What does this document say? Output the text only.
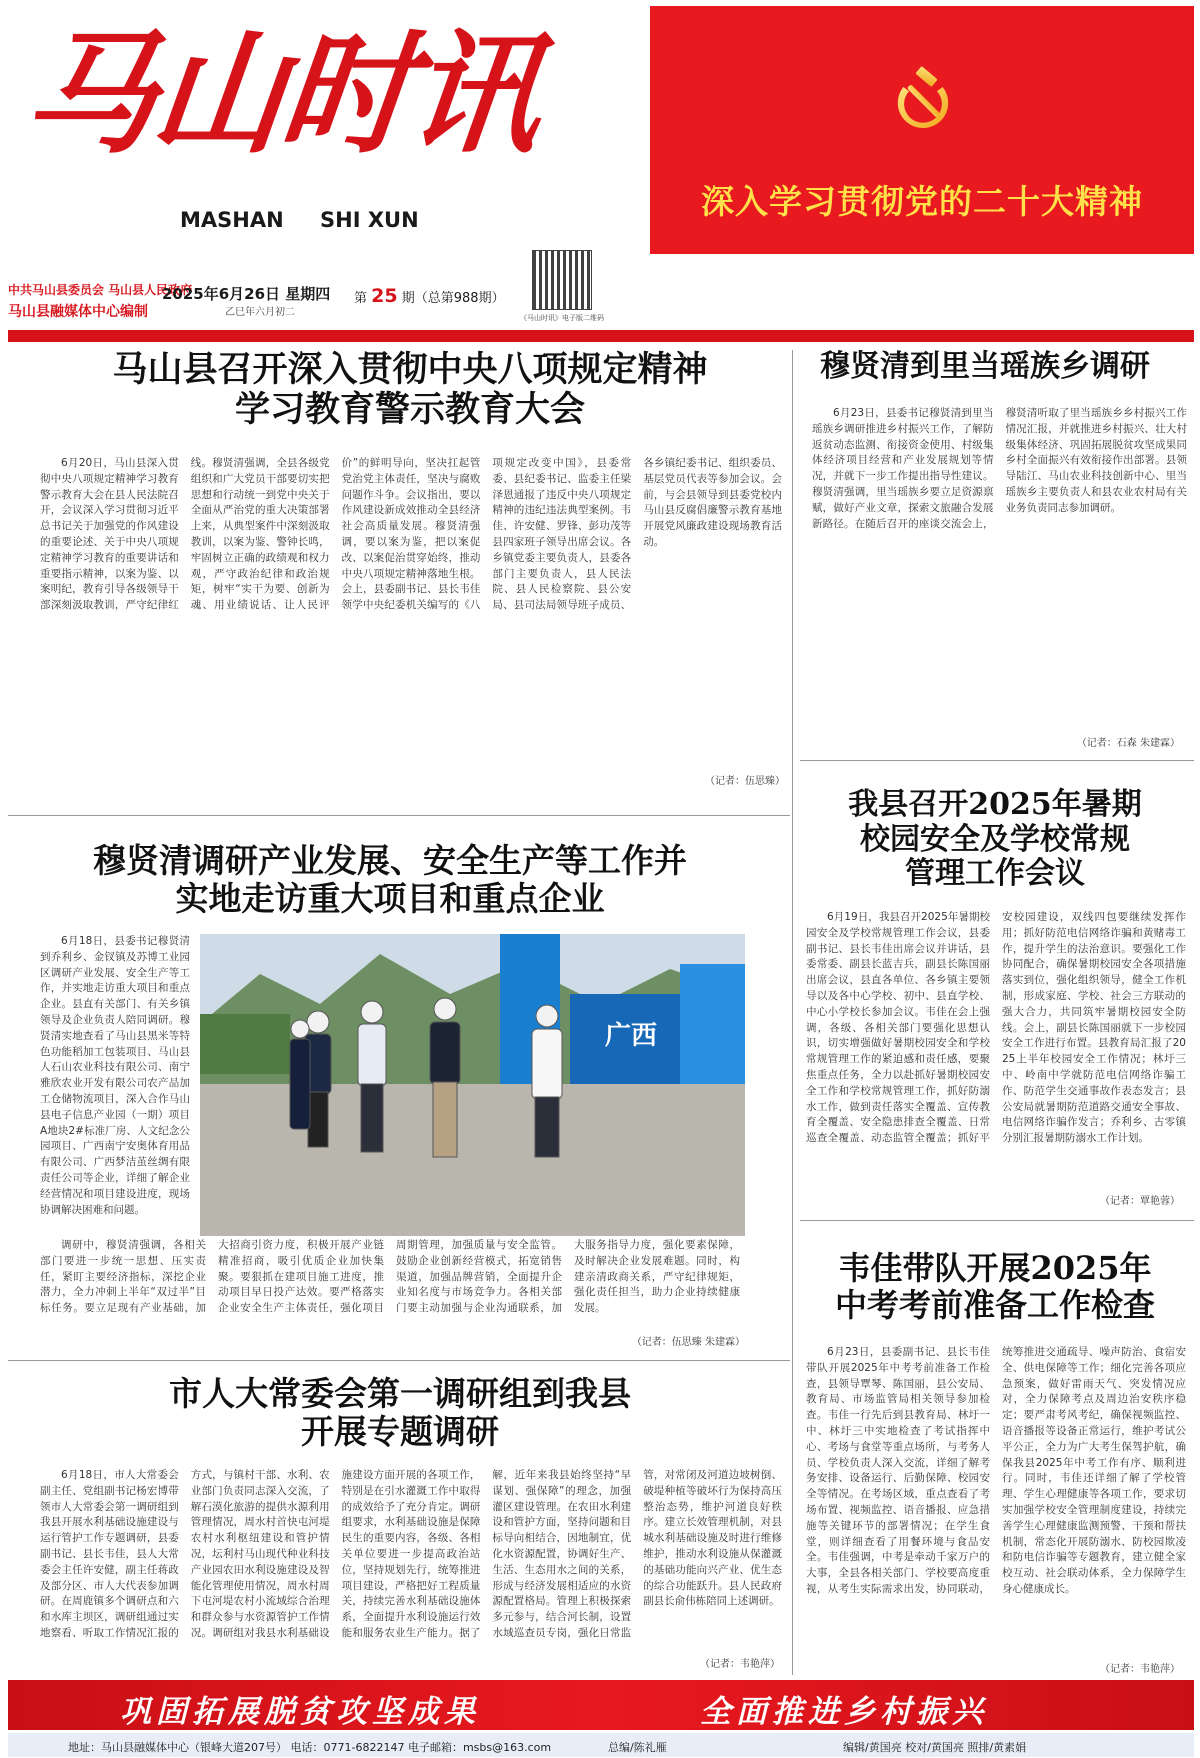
马山时讯
MASHAN SHI XUN	深入学习贯彻党的二十大精神
中共马山县委员会 马山县人民政府
马山县融媒体中心编制
2025年6月26日 星期四
乙巳年六月初二
第 25 期（总第988期）
《马山时讯》电子版二维码
马山县召开深入贯彻中央八项规定精神
学习教育警示教育大会
6月20日，马山县深入贯彻中央八项规定精神学习教育警示教育大会在县人民法院召开，会议深入学习贯彻习近平总书记关于加强党的作风建设的重要论述、关于中央八项规定精神学习教育的重要讲话和重要指示精神，以案为鉴、以案明纪，教育引导各级领导干部深刻汲取教训，严守纪律红线。穆贤清强调，全县各级党组织和广大党员干部要切实把思想和行动统一到党中央关于全面从严治党的重大决策部署上来，从典型案件中深刻汲取教训，以案为鉴、警钟长鸣，牢固树立正确的政绩观和权力观，严守政治纪律和政治规矩，树牢“实干为要、创新为魂、用业绩说话、让人民评价”的鲜明导向，坚决扛起管党治党主体责任，坚决与腐败问题作斗争。会议指出，要以作风建设新成效推动全县经济社会高质量发展。穆贤清强调，要以案为鉴，把以案促改、以案促治贯穿始终，推动中央八项规定精神落地生根。会上，县委副书记、县长韦佳领学中央纪委机关编写的《八项规定改变中国》，县委常委、县纪委书记、监委主任梁泽恩通报了违反中央八项规定精神的违纪违法典型案例。韦佳、许安健、罗锋、彭功茂等县四家班子领导出席会议。各乡镇党委主要负责人，县委各部门主要负责人，县人民法院、县人民检察院、县公安局、县司法局领导班子成员、各乡镇纪委书记、组织委员、基层党员代表等参加会议。会前，与会县领导到县委党校内马山县反腐倡廉警示教育基地开展党风廉政建设现场教育活动。
（记者：伍思臻）
穆贤清到里当瑶族乡调研
6月23日，县委书记穆贤清到里当瑶族乡调研推进乡村振兴工作，了解防返贫动态监测、衔接资金使用、村级集体经济项目经营和产业发展规划等情况，并就下一步工作提出指导性建议。穆贤清强调，里当瑶族乡要立足资源禀赋，做好产业文章，探索文旅融合发展新路径。在随后召开的座谈交流会上，穆贤清听取了里当瑶族乡乡村振兴工作情况汇报，并就推进乡村振兴、壮大村级集体经济、巩固拓展脱贫攻坚成果同乡村全面振兴有效衔接作出部署。县领导陆江、马山农业科技创新中心、里当瑶族乡主要负责人和县农业农村局有关业务负责同志参加调研。
（记者：石森 朱建霖）
穆贤清调研产业发展、安全生产等工作并
实地走访重大项目和重点企业
6月18日，县委书记穆贤清到乔利乡、金钗镇及苏博工业园区调研产业发展、安全生产等工作，并实地走访重大项目和重点企业。县直有关部门、有关乡镇领导及企业负责人陪同调研。穆贤清实地查看了马山县黑米等特色功能稻加工包装项目、马山县人石山农业科技有限公司、南宁雅欣农业开发有限公司农产品加工仓储物流项目，深入合作马山县电子信息产业园（一期）项目A地块2#标准厂房、人文纪念公园项目、广西南宁安奥体育用品有限公司、广西梦洁茧丝绸有限责任公司等企业，详细了解企业经营情况和项目建设进度，现场协调解决困难和问题。
广西
调研中，穆贤清强调，各相关部门要进一步统一思想、压实责任，紧盯主要经济指标，深挖企业潜力，全力冲刺上半年“双过半”目标任务。要立足现有产业基础，加大招商引资力度，积极开展产业链精准招商，吸引优质企业加快集聚。要狠抓在建项目施工进度，推动项目早日投产达效。要严格落实企业安全生产主体责任，强化项目周期管理，加强质量与安全监管。鼓励企业创新经营模式，拓宽销售渠道，加强品牌营销，全面提升企业知名度与市场竞争力。各相关部门要主动加强与企业沟通联系，加大服务指导力度，强化要素保障，及时解决企业发展难题。同时，构建亲清政商关系，严守纪律规矩，强化责任担当，助力企业持续健康发展。
（记者：伍思臻 朱建霖）
我县召开2025年暑期
校园安全及学校常规
管理工作会议
6月19日，我县召开2025年暑期校园安全及学校常规管理工作会议，县委副书记、县长韦佳出席会议并讲话，县委常委、副县长蓝吉兵，副县长陈国丽出席会议，县直各单位、各乡镇主要领导以及各中心学校、初中、县直学校、中心小学校长参加会议。韦佳在会上强调，各级、各相关部门要强化思想认识，切实增强做好暑期校园安全和学校常规管理工作的紧迫感和责任感，要聚焦重点任务，全力以赴抓好暑期校园安全工作和学校常规管理工作，抓好防溺水工作，做到责任落实全覆盖、宣传教育全覆盖、安全隐患排查全覆盖、日常巡查全覆盖、动态监管全覆盖；抓好平安校园建设，双线四包要继续发挥作用；抓好防范电信网络诈骗和黄赌毒工作，提升学生的法治意识。要强化工作协同配合，确保暑期校园安全各项措施落实到位，强化组织领导，健全工作机制，形成家庭、学校、社会三方联动的强大合力，共同筑牢暑期校园安全防线。会上，副县长陈国丽就下一步校园安全工作进行布置。县教育局汇报了2025上半年校园安全工作情况；林圩三中、岭南中学就防范电信网络诈骗工作、防范学生交通事故作表态发言；县公安局就暑期防范道路交通安全事故、电信网络诈骗作发言；乔利乡、古零镇分别汇报暑期防溺水工作计划。
（记者：覃艳蓉）
韦佳带队开展2025年
中考考前准备工作检查
6月23日，县委副书记、县长韦佳带队开展2025年中考考前准备工作检查，县领导覃琴、陈国丽，县公安局、教育局、市场监管局相关领导参加检查。韦佳一行先后到县教育局、林圩一中、林圩三中实地检查了考试指挥中心、考场与食堂等重点场所，与考务人员、学校负责人深入交流，详细了解考务安排、设备运行、后勤保障、校园安全等情况。在考场区域，重点查看了考场布置、视频监控、语音播报、应急措施等关键环节的部署情况；在学生食堂，则详细查看了用餐环境与食品安全。韦佳强调，中考是牵动千家万户的大事，全县各相关部门、学校要高度重视，从考生实际需求出发，协同联动，统筹推进交通疏导、噪声防治、食宿安全、供电保障等工作；细化完善各项应急预案，做好雷雨天气、突发情况应对，全力保障考点及周边治安秩序稳定；要严肃考风考纪，确保视频监控、语音播报等设备正常运行，维护考试公平公正，全力为广大考生保驾护航，确保我县2025年中考工作有序、顺利进行。同时，韦佳还详细了解了学校管理、学生心理健康等各项工作，要求切实加强学校安全管理制度建设，持续完善学生心理健康监测预警、干预和帮扶机制，常态化开展防溺水、防校园欺凌和防电信诈骗等专题教育，建立健全家校互动、社会联动体系，全力保障学生身心健康成长。
（记者：韦艳萍）
市人大常委会第一调研组到我县
开展专题调研
6月18日，市人大常委会副主任、党组副书记杨宏博带领市人大常委会第一调研组到我县开展水利基础设施建设与运行管护工作专题调研，县委副书记、县长韦佳，县人大常委会主任许安健，副主任蒋政及部分区、市人大代表参加调研。在周鹿镇多个调研点和六和水库主坝区，调研组通过实地察看、听取工作情况汇报的方式，与镇村干部、水利、农业部门负责同志深入交流，了解石漠化旅游的提供水源利用管理情况，周水村首快屯河堤农村水利枢纽建设和管护情况，坛利村马山现代种业科技产业园农田水利设施建设及智能化管理使用情况，周水村周下屯河堤农村小流域综合治理和群众参与水资源管护工作情况。调研组对我县水利基础设施建设方面开展的各项工作，特别是在引水灌溉工作中取得的成效给予了充分肯定。调研组要求，水利基础设施是保障民生的重要内容，各级、各相关单位要进一步提高政治站位，坚持规划先行，统筹推进项目建设，严格把好工程质量关，持续完善水利基础设施体系，全面提升水利设施运行效能和服务农业生产能力。据了解，近年来我县始终坚持“早谋划、强保障”的理念，加强灌区建设管理。在农田水利建设和管护方面，坚持问题和目标导向相结合，因地制宜，优化水资源配置，协调好生产、生活、生态用水之间的关系，形成与经济发展相适应的水资源配置格局。管理上积极探索多元参与，结合河长制，设置水域巡查员专岗，强化日常监管，对常闭及河道边坡树倒、破堤种植等破坏行为保持高压整治态势，维护河道良好秩序。建立长效管理机制，对县城水利基础设施及时进行维修维护，推动水利设施从保灌溉的基础功能向兴产业、优生态的综合功能跃升。县人民政府副县长俞伟栋陪同上述调研。
（记者：韦艳萍）
巩固拓展脱贫攻坚成果	全面推进乡村振兴
地址：马山县融媒体中心（银峰大道207号） 电话：0771-6822147 电子邮箱：msbs@163.com	总编/陈礼雁	编辑/黄国亮 校对/黄国亮 照排/黄素娟
